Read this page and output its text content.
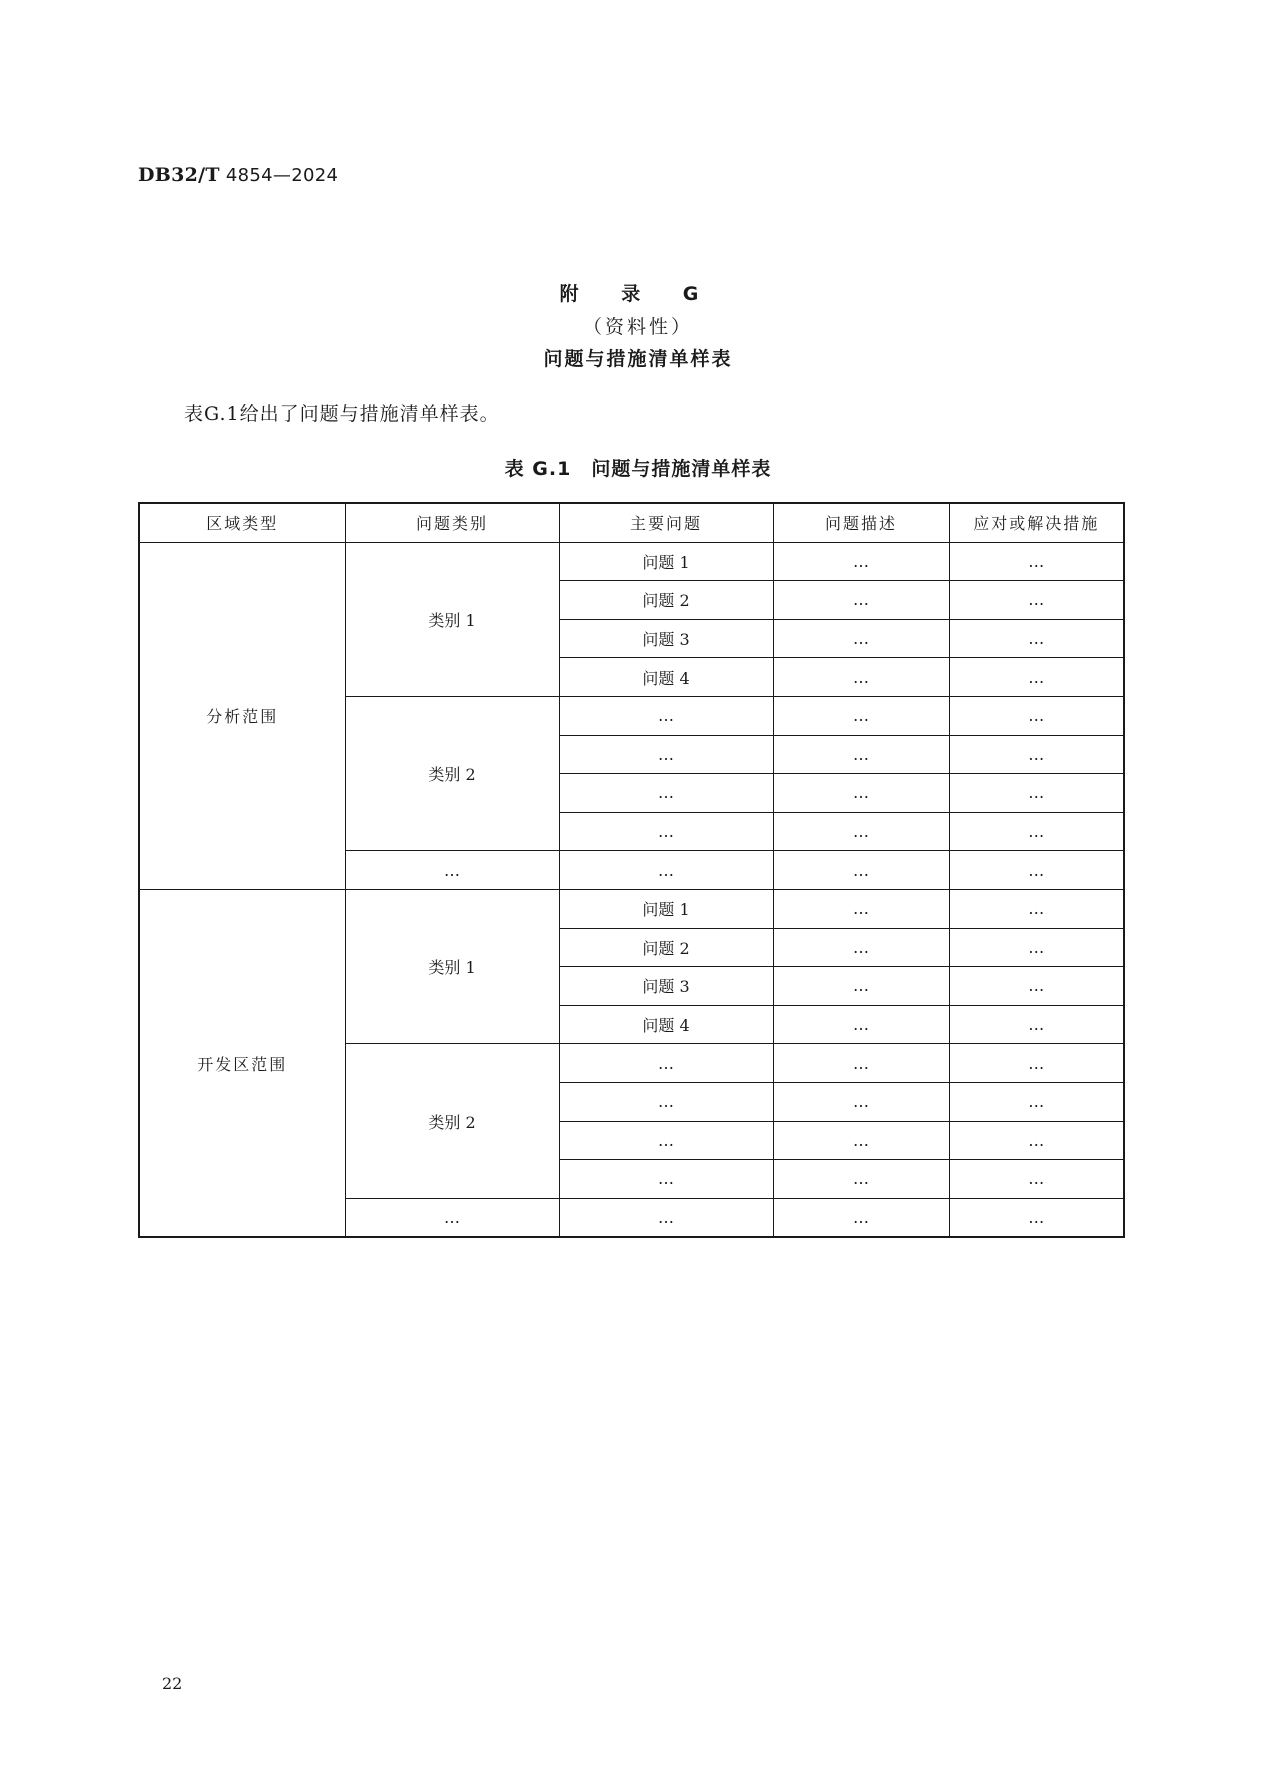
DB32/T 4854—2024
附 录 G
（资料性）
问题与措施清单样表
表G.1给出了问题与措施清单样表。
表 G.1　问题与措施清单样表
区域类型	问题类别	主要问题	问题描述	应对或解决措施
分析范围	类别 1	问题 1	…	…
		问题 2	…	…
		问题 3	…	…
		问题 4	…	…
	类别 2	…	…	…
		…	…	…
		…	…	…
		…	…	…
	…	…	…	…
开发区范围	类别 1	问题 1	…	…
		问题 2	…	…
		问题 3	…	…
		问题 4	…	…
	类别 2	…	…	…
		…	…	…
		…	…	…
		…	…	…
	…	…	…	…
22
